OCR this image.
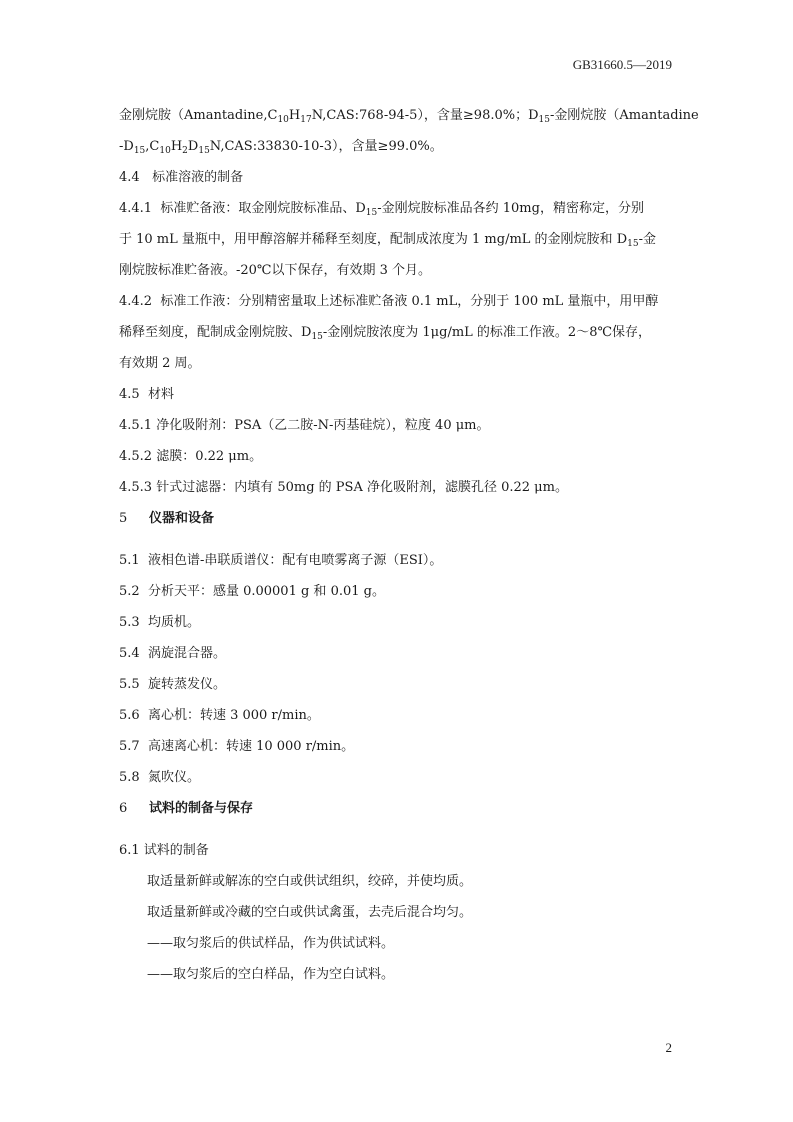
GB31660.5—2019
金刚烷胺$(Amantadine,C_{10}H_{17}N,CAS:768-94-5)$，含量≥98.0%；$D_{15}-$金刚烷胺（Amantadine
$-D_{15},C_{10}H_2D_{15}N,CAS:33830-10-3$），含量≥99.0%。
4.4 标准溶液的制备
4.4.1 标准贮备液：取金刚烷胺标准品、$D_{15}-$金刚烷胺标准品各约 10mg，精密称定，分别
于 10 mL 量瓶中，用甲醇溶解并稀释至刻度，配制成浓度为 1 mg/mL 的金刚烷胺和 $D_{15}-$金
刚烷胺标准贮备液。-20℃以下保存，有效期 3 个月。
4.4.2 标准工作液：分别精密量取上述标准贮备液 0.1 mL，分别于 100 mL 量瓶中，用甲醇
稀释至刻度，配制成金刚烷胺、$D_{15}-$金刚烷胺浓度为 1μg/mL 的标准工作液。2～8℃保存，
有效期 2 周。
4.5 材料
4.5.1 净化吸附剂：PSA（乙二胺-N-丙基硅烷），粒度 40 μm。
4.5.2 滤膜：0.22 μm。
4.5.3 针式过滤器：内填有 50mg 的 PSA 净化吸附剂，滤膜孔径 0.22 μm。
5 仪器和设备
5.1 液相色谱-串联质谱仪：配有电喷雾离子源（ESI）。
5.2 分析天平：感量 0.00001 g 和 0.01 g。
5.3 均质机。
5.4 涡旋混合器。
5.5 旋转蒸发仪。
5.6 离心机：转速 3 000 r/min。
5.7 高速离心机：转速 10 000 r/min。
5.8 氮吹仪。
6 试料的制备与保存
6.1 试料的制备
取适量新鲜或解冻的空白或供试组织，绞碎，并使均质。
取适量新鲜或冷藏的空白或供试禽蛋，去壳后混合均匀。
——取匀浆后的供试样品，作为供试试料。
——取匀浆后的空白样品，作为空白试料。
2
